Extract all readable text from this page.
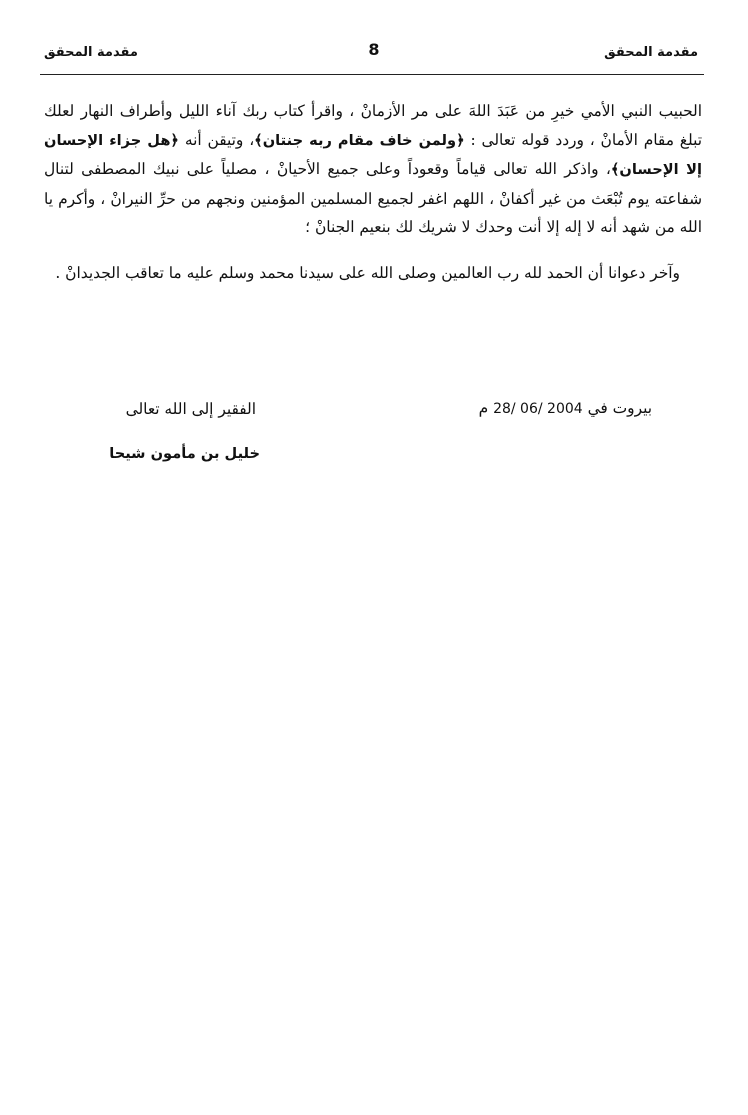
مقدمة المحقق	8	مقدمة المحقق

الحبيب النبي الأمي خيرِ من عَبَدَ اللهَ على مر الأزمانْ ، واقرأ كتاب ربك آناء الليل وأطراف النهار لعلك تبلغ مقام الأمانْ ، وردد قوله تعالى : ﴿ولمن خاف مقام ربه جنتان﴾، وتيقن أنه ﴿هل جزاء الإحسان إلا الإحسان﴾، واذكر الله تعالى قياماً وقعوداً وعلى جميع الأحيانْ ، مصلياً على نبيك المصطفى لتنال شفاعته يوم تُبْعَث من غير أكفانْ ، اللهم اغفر لجميع المسلمين المؤمنين ونجهم من حرِّ النيرانْ ، وأكرم يا الله من شهد أنه لا إله إلا أنت وحدك لا شريك لك بنعيم الجنانْ ؛

وآخر دعوانا أن الحمد لله رب العالمين وصلى الله على سيدنا محمد وسلم عليه ما تعاقب الجديدانْ .

بيروت في 28/ 06/ 2004 م
الفقير إلى الله تعالى
خليل بن مأمون شيحا
